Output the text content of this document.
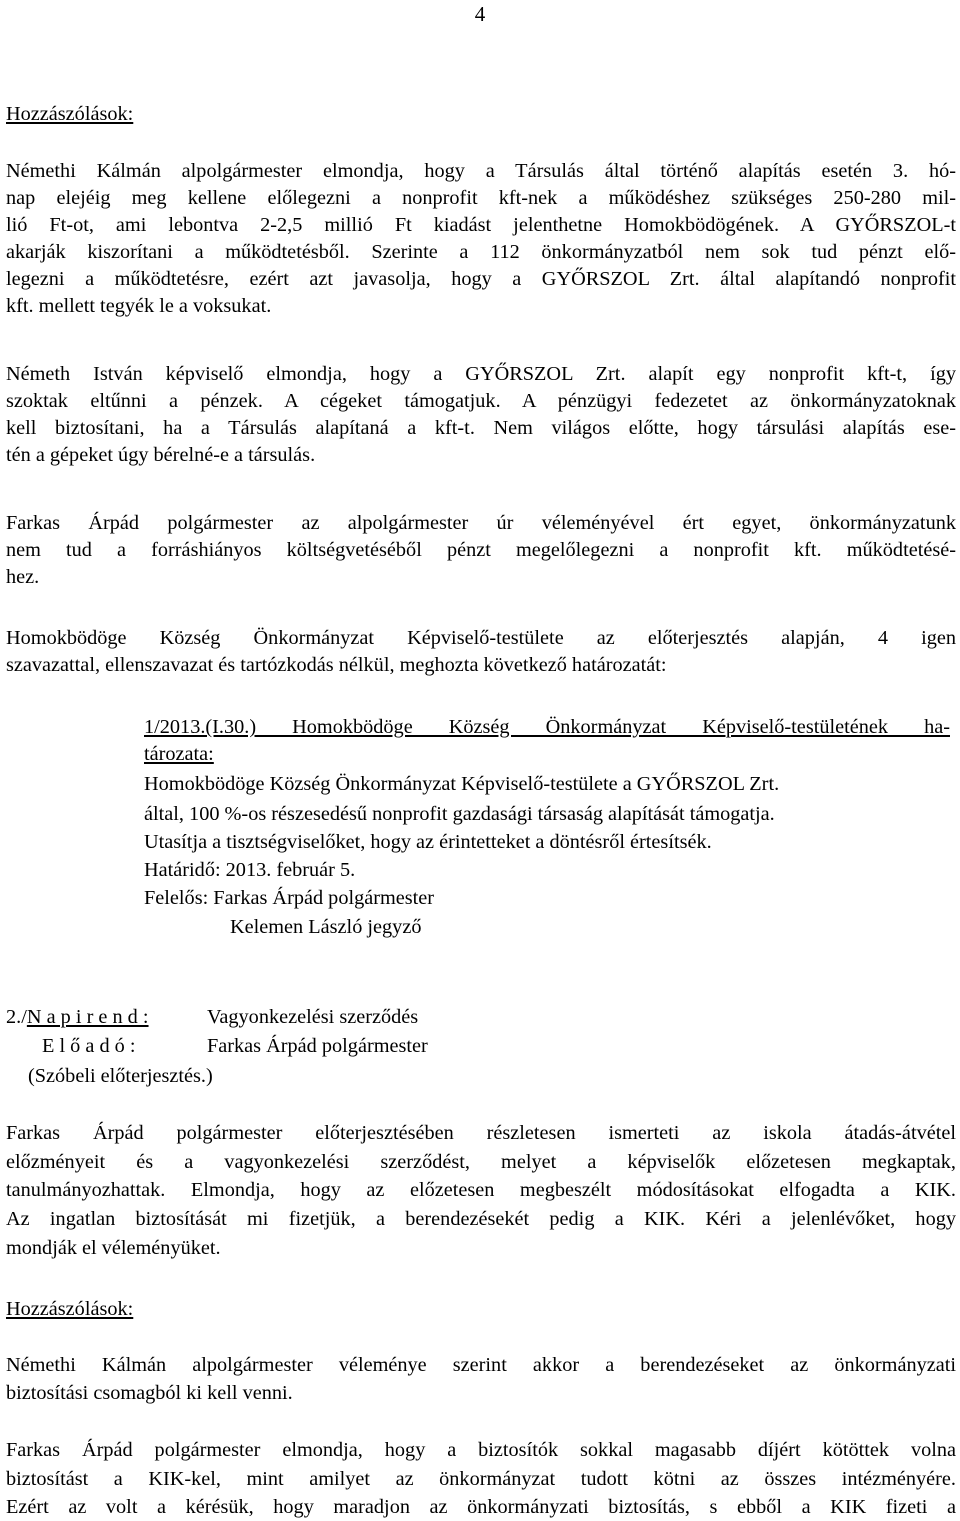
4
Hozzászólások:
Némethi Kálmán alpolgármester elmondja, hogy a Társulás által történő alapítás esetén 3. hó-
nap elejéig meg kellene előlegezni a nonprofit kft-nek a működéshez szükséges 250-280 mil-
lió Ft-ot, ami lebontva 2-2,5 millió Ft kiadást jelenthetne Homokbödögének. A GYŐRSZOL-t
akarják kiszorítani a működtetésből. Szerinte a 112 önkormányzatból nem sok tud pénzt elő-
legezni a működtetésre, ezért azt javasolja, hogy a GYŐRSZOL Zrt. által alapítandó nonprofit
kft. mellett tegyék le a voksukat.
Németh István képviselő elmondja, hogy a GYŐRSZOL Zrt. alapít egy nonprofit kft-t, így
szoktak eltűnni a pénzek. A cégeket támogatjuk. A pénzügyi fedezetet az önkormányzatoknak
kell biztosítani, ha a Társulás alapítaná a kft-t. Nem világos előtte, hogy társulási alapítás ese-
tén a gépeket úgy bérelné-e a társulás.
Farkas Árpád polgármester az alpolgármester úr véleményével ért egyet, önkormányzatunk
nem tud a forráshiányos költségvetéséből pénzt megelőlegezni a nonprofit kft. működtetésé-
hez.
Homokbödöge Község Önkormányzat Képviselő-testülete az előterjesztés alapján, 4 igen
szavazattal, ellenszavazat és tartózkodás nélkül, meghozta következő határozatát:
1/2013.(I.30.) Homokbödöge Község Önkormányzat Képviselő-testületének ha-
tározata:
Homokbödöge Község Önkormányzat Képviselő-testülete a GYŐRSZOL Zrt.
által, 100 %-os részesedésű nonprofit gazdasági társaság alapítását támogatja.
Utasítja a tisztségviselőket, hogy az érintetteket a döntésről értesítsék.
Határidő: 2013. február 5.
Felelős: Farkas Árpád polgármester
Kelemen László jegyző
2./N a p i r e n d :	Vagyonkezelési szerződés
E l ő a d ó :	Farkas Árpád polgármester
(Szóbeli előterjesztés.)
Farkas Árpád polgármester előterjesztésében részletesen ismerteti az iskola átadás-átvétel
előzményeit és a vagyonkezelési szerződést, melyet a képviselők előzetesen megkaptak,
tanulmányozhattak. Elmondja, hogy az előzetesen megbeszélt módosításokat elfogadta a KIK.
Az ingatlan biztosítását mi fizetjük, a berendezésekét pedig a KIK. Kéri a jelenlévőket, hogy
mondják el véleményüket.
Hozzászólások:
Némethi Kálmán alpolgármester véleménye szerint akkor a berendezéseket az önkormányzati
biztosítási csomagból ki kell venni.
Farkas Árpád polgármester elmondja, hogy a biztosítók sokkal magasabb díjért kötöttek volna
biztosítást a KIK-kel, mint amilyet az önkormányzat tudott kötni az összes intézményére.
Ezért az volt a kérésük, hogy maradjon az önkormányzati biztosítás, s ebből a KIK fizeti a
